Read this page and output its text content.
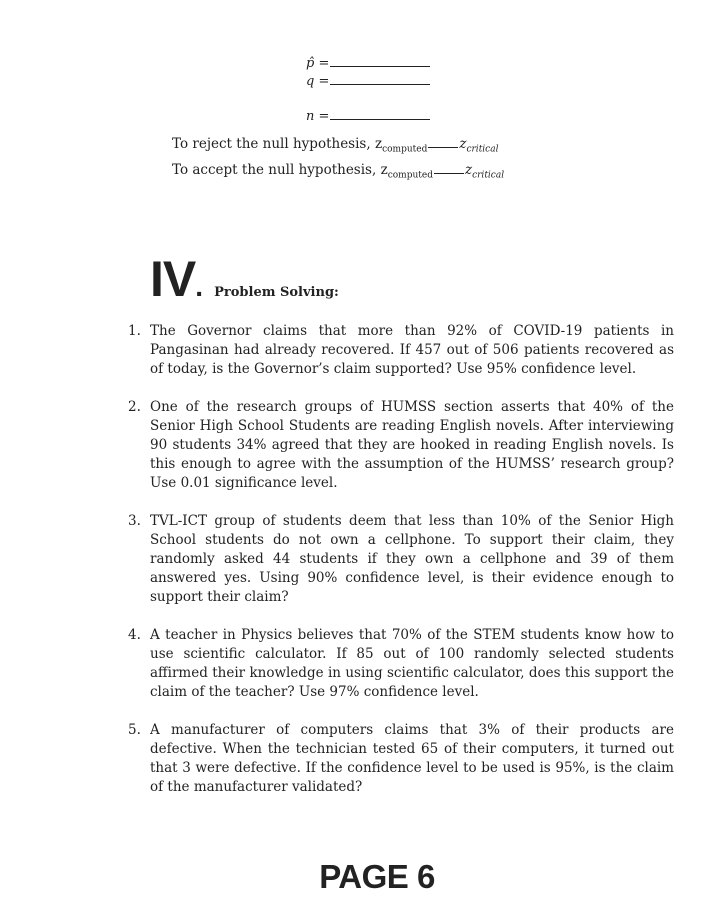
p̂ =
q =
n =
To reject the null hypothesis, $z_{computed}$ $z_{critical}$
To accept the null hypothesis, $z_{computed}$ $z_{critical}$
IV. Problem Solving:
1. The Governor claims that more than 92% of COVID-19 patients in Pangasinan had already recovered. If 457 out of 506 patients recovered as of today, is the Governor’s claim supported? Use 95% confidence level.
2. One of the research groups of HUMSS section asserts that 40% of the Senior High School Students are reading English novels. After interviewing 90 students 34% agreed that they are hooked in reading English novels. Is this enough to agree with the assumption of the HUMSS’ research group? Use 0.01 significance level.
3. TVL-ICT group of students deem that less than 10% of the Senior High School students do not own a cellphone. To support their claim, they randomly asked 44 students if they own a cellphone and 39 of them answered yes. Using 90% confidence level, is their evidence enough to support their claim?
4. A teacher in Physics believes that 70% of the STEM students know how to use scientific calculator. If 85 out of 100 randomly selected students affirmed their knowledge in using scientific calculator, does this support the claim of the teacher? Use 97% confidence level.
5. A manufacturer of computers claims that 3% of their products are defective. When the technician tested 65 of their computers, it turned out that 3 were defective. If the confidence level to be used is 95%, is the claim of the manufacturer validated?
PAGE 6
